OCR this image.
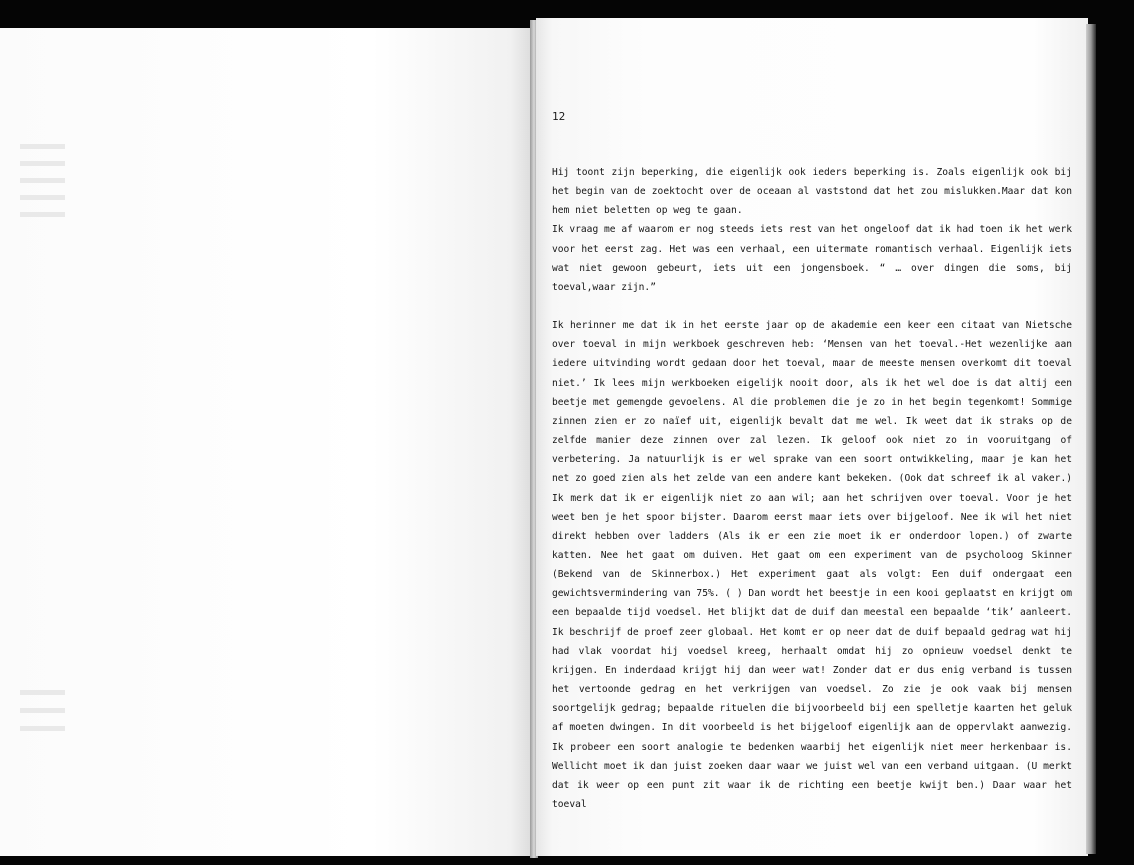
12

Hij toont zijn beperking, die eigenlijk ook ieders beperking is. Zoals eigenlijk ook bij het begin van de zoektocht over de oceaan al vaststond dat het zou mislukken.Maar dat kon hem niet beletten op weg te gaan.

Ik vraag me af waarom er nog steeds iets rest van het ongeloof dat ik had toen ik het werk voor het eerst zag. Het was een verhaal, een uitermate romantisch verhaal. Eigenlijk iets wat niet gewoon gebeurt, iets uit een jongensboek. “ … over dingen die soms, bij toeval,waar zijn.”

Ik herinner me dat ik in het eerste jaar op de akademie een keer een citaat van Nietsche over toeval in mijn werkboek geschreven heb: ‘Mensen van het toeval.-Het wezenlijke aan iedere uitvinding wordt gedaan door het toeval, maar de meeste mensen overkomt dit toeval niet.’ Ik lees mijn werkboeken eigelijk nooit door, als ik het wel doe is dat altij een beetje met gemengde gevoelens. Al die problemen die je zo in het begin tegenkomt! Sommige zinnen zien er zo naïef uit, eigenlijk bevalt dat me wel. Ik weet dat ik straks op de zelfde manier deze zinnen over zal lezen. Ik geloof ook niet zo in vooruitgang of verbetering. Ja natuurlijk is er wel sprake van een soort ontwikkeling, maar je kan het net zo goed zien als het zelde van een andere kant bekeken. (Ook dat schreef ik al vaker.) Ik merk dat ik er eigenlijk niet zo aan wil; aan het schrijven over toeval. Voor je het weet ben je het spoor bijster. Daarom eerst maar iets over bijgeloof. Nee ik wil het niet direkt hebben over ladders (Als ik er een zie moet ik er onderdoor lopen.) of zwarte katten. Nee het gaat om duiven. Het gaat om een experiment van de psycholoog Skinner (Bekend van de Skinnerbox.) Het experiment gaat als volgt: Een duif ondergaat een gewichtsvermindering van 75%. ( ) Dan wordt het beestje in een kooi geplaatst en krijgt om een bepaalde tijd voedsel. Het blijkt dat de duif dan meestal een bepaalde ‘tik’ aanleert. Ik beschrijf de proef zeer globaal. Het komt er op neer dat de duif bepaald gedrag wat hij had vlak voordat hij voedsel kreeg, herhaalt omdat hij zo opnieuw voedsel denkt te krijgen. En inderdaad krijgt hij dan weer wat! Zonder dat er dus enig verband is tussen het vertoonde gedrag en het verkrijgen van voedsel. Zo zie je ook vaak bij mensen soortgelijk gedrag; bepaalde rituelen die bijvoorbeeld bij een spelletje kaarten het geluk af moeten dwingen. In dit voorbeeld is het bijgeloof eigenlijk aan de oppervlakt aanwezig. Ik probeer een soort analogie te bedenken waarbij het eigenlijk niet meer herkenbaar is. Wellicht moet ik dan juist zoeken daar waar we juist wel van een verband uitgaan. (U merkt dat ik weer op een punt zit waar ik de richting een beetje kwijt ben.) Daar waar het toeval
